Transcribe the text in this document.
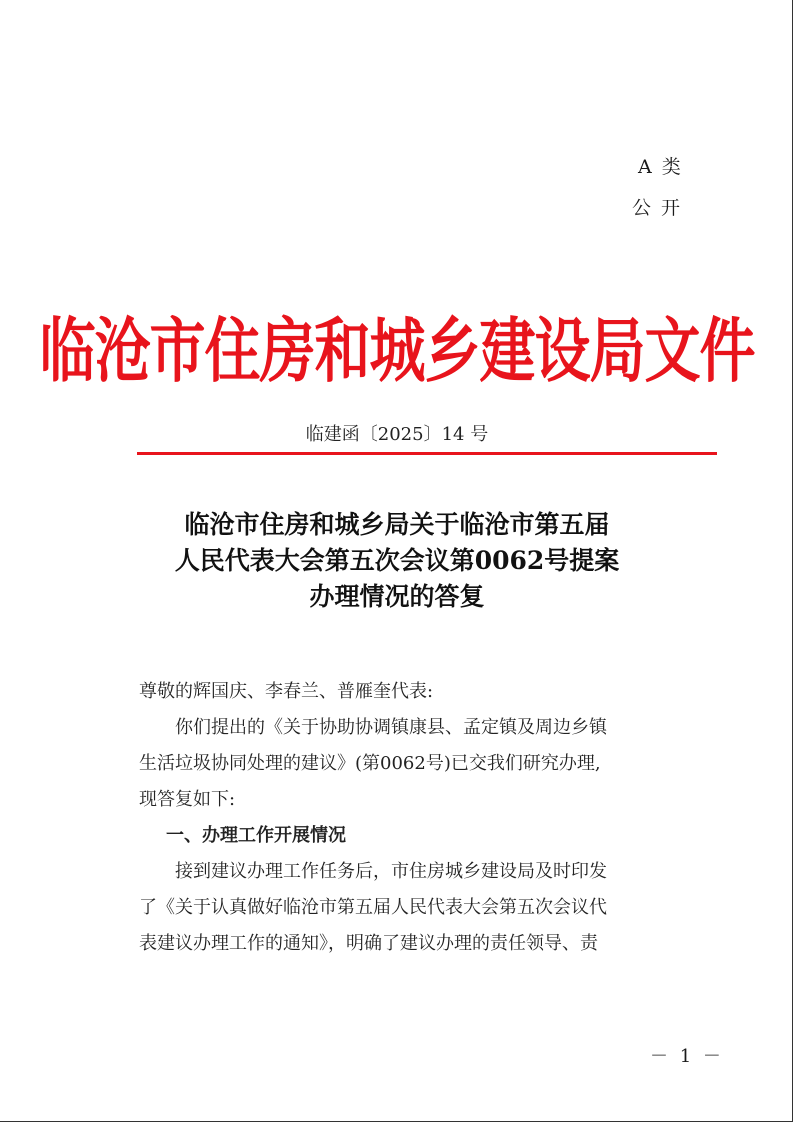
A 类
公 开
临沧市住房和城乡建设局文件
临建函〔2025〕14 号
临沧市住房和城乡局关于临沧市第五届
人民代表大会第五次会议第0062号提案
办理情况的答复

尊敬的辉国庆、李春兰、普雁奎代表:

你们提出的《关于协助协调镇康县、孟定镇及周边乡镇

生活垃圾协同处理的建议》(第0062号)已交我们研究办理,

现答复如下:

一、办理工作开展情况

接到建议办理工作任务后，市住房城乡建设局及时印发

了《关于认真做好临沧市第五届人民代表大会第五次会议代

表建议办理工作的通知》，明确了建议办理的责任领导、责

－ 1 －
